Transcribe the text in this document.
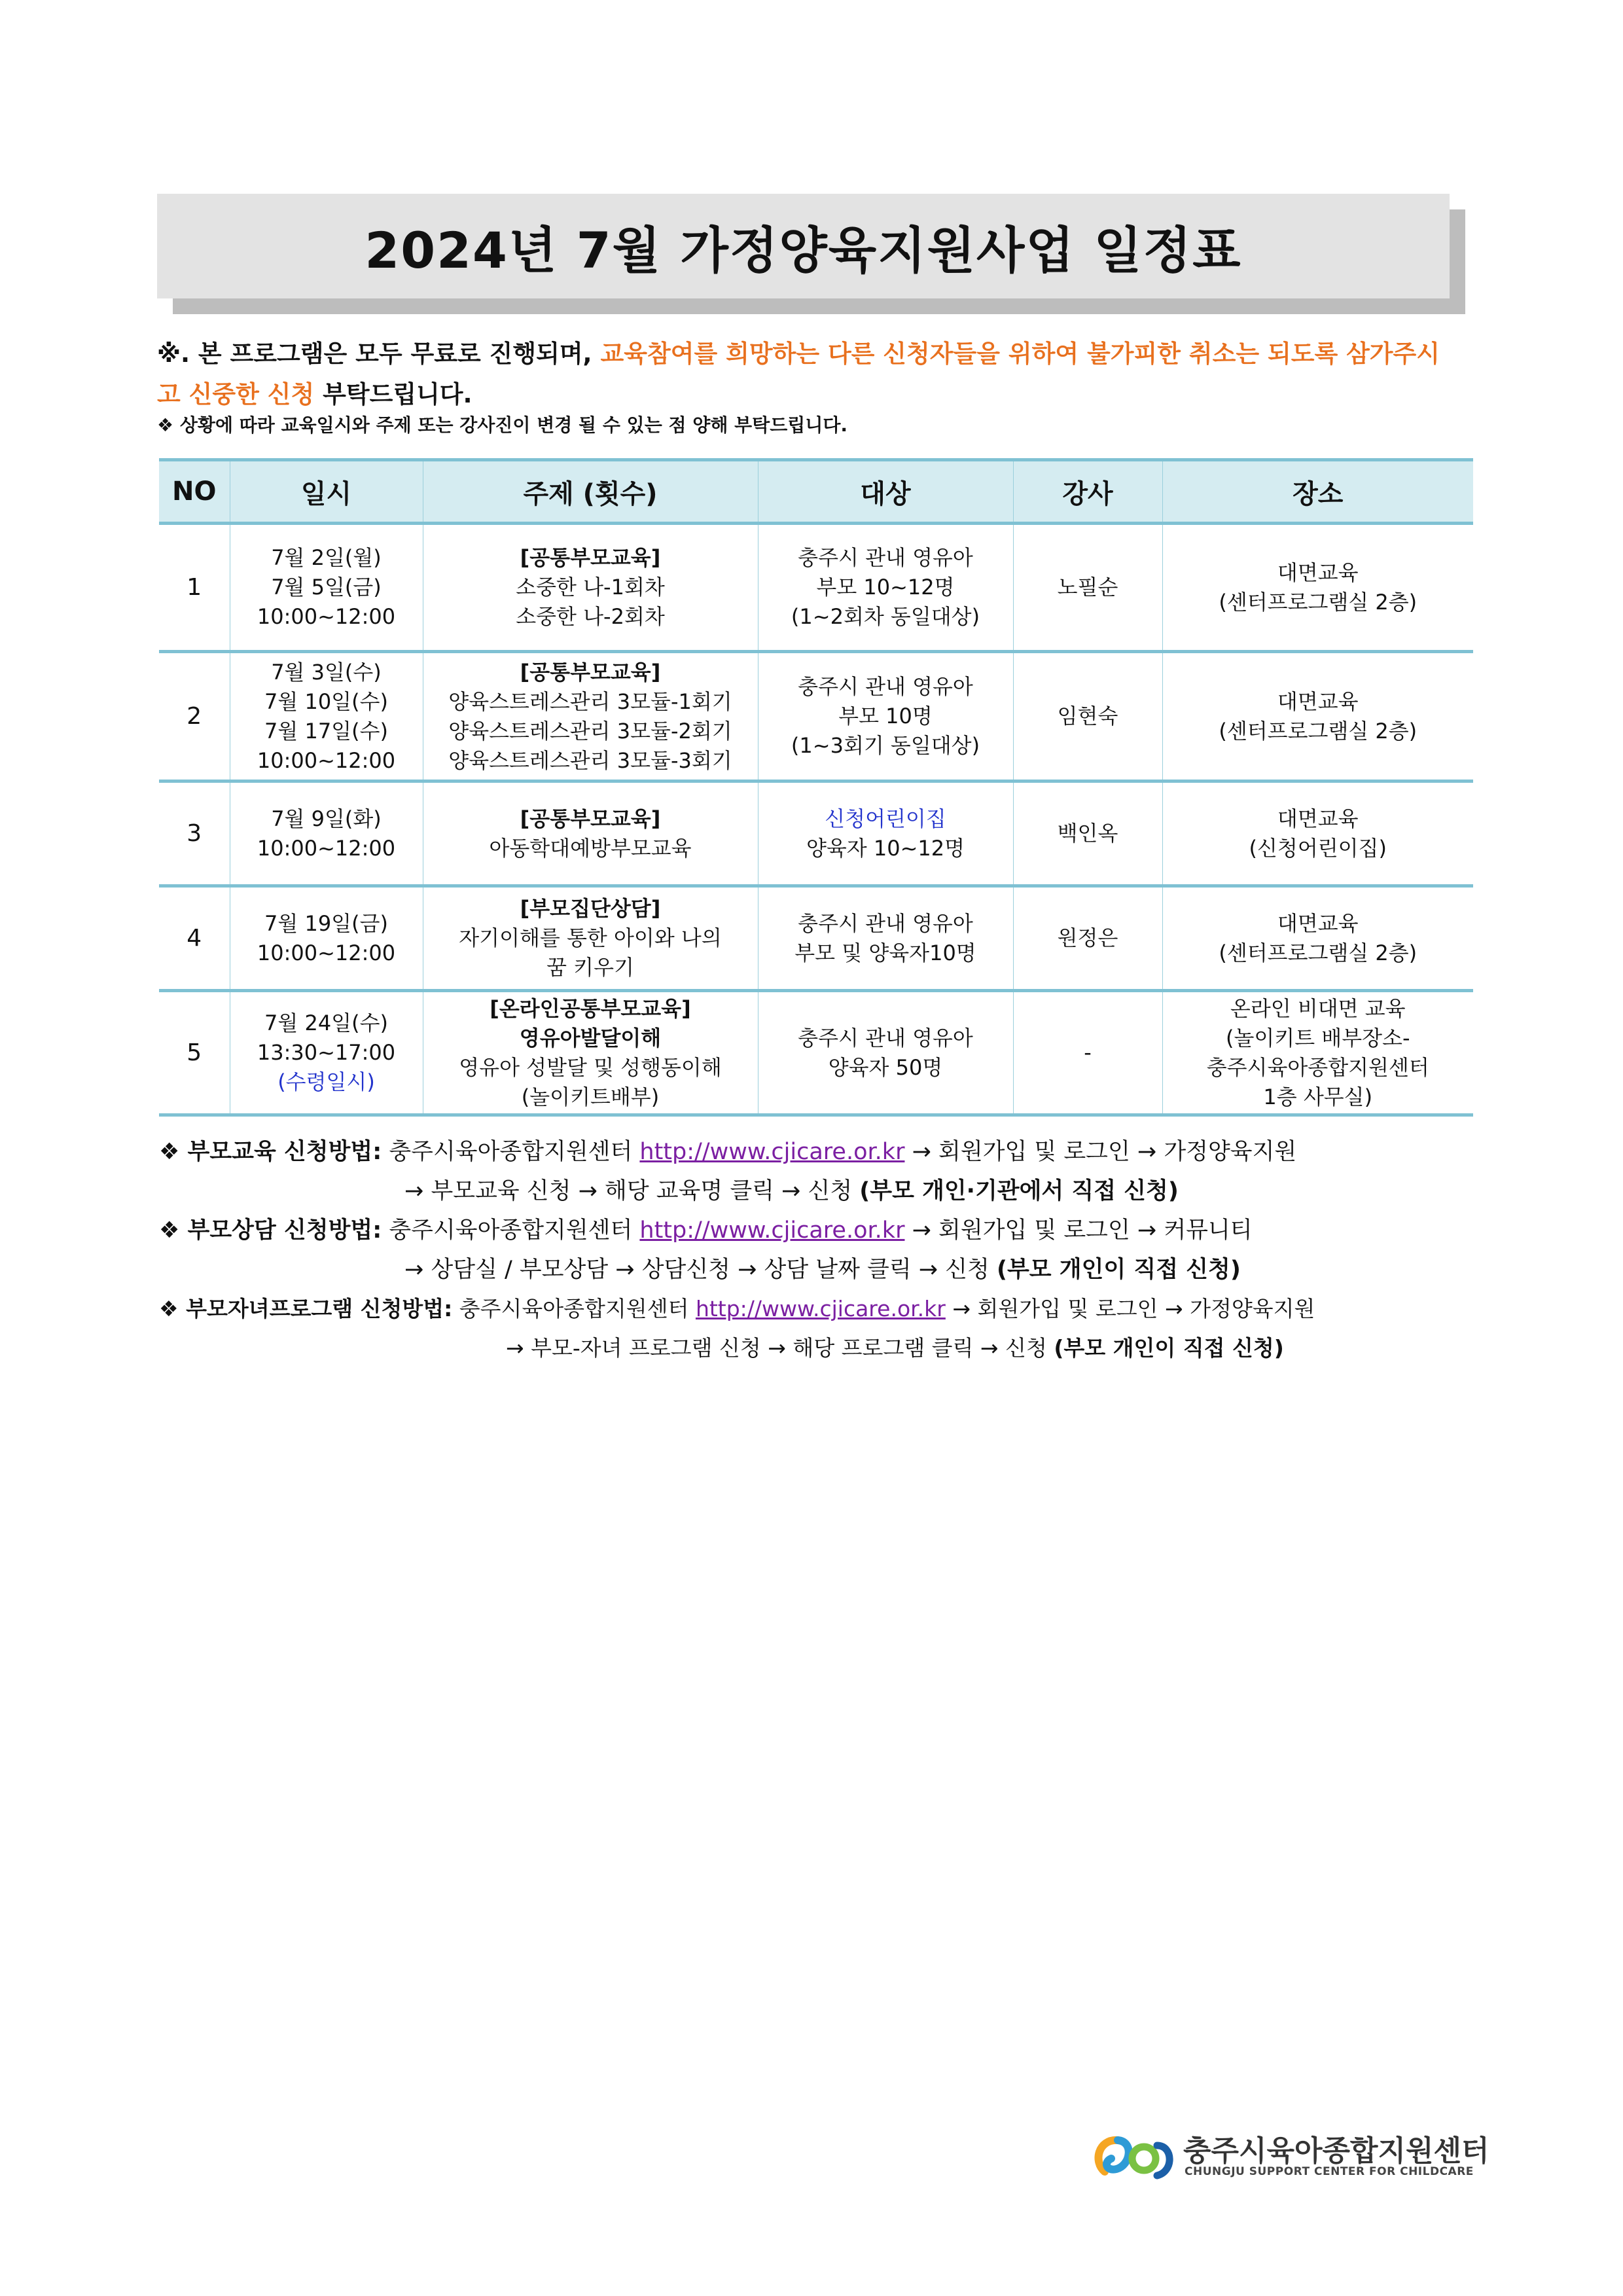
2024년 7월 가정양육지원사업 일정표
※. 본 프로그램은 모두 무료로 진행되며, 교육참여를 희망하는 다른 신청자들을 위하여 불가피한 취소는 되도록 삼가주시고 신중한 신청 부탁드립니다.
❖ 상황에 따라 교육일시와 주제 또는 강사진이 변경 될 수 있는 점 양해 부탁드립니다.
NO	일시	주제 (횟수)	대상	강사	장소
1	7월 2일(월)
7월 5일(금)
10:00~12:00	[공통부모교육]
소중한 나-1회차
소중한 나-2회차	충주시 관내 영유아
부모 10~12명
(1~2회차 동일대상)	노필순	대면교육
(센터프로그램실 2층)

2	7월 3일(수)
7월 10일(수)
7월 17일(수)
10:00~12:00	[공통부모교육]
양육스트레스관리 3모듈-1회기
양육스트레스관리 3모듈-2회기
양육스트레스관리 3모듈-3회기	충주시 관내 영유아
부모 10명
(1~3회기 동일대상)	임현숙	대면교육
(센터프로그램실 2층)

3	7월 9일(화)
10:00~12:00	[공통부모교육]
아동학대예방부모교육	신청어린이집
양육자 10~12명	백인옥	대면교육
(신청어린이집)

4	7월 19일(금)
10:00~12:00	[부모집단상담]
자기이해를 통한 아이와 나의
꿈 키우기	충주시 관내 영유아
부모 및 양육자10명	원정은	대면교육
(센터프로그램실 2층)

5	7월 24일(수)
13:30~17:00
(수령일시)	[온라인공통부모교육]
영유아발달이해
영유아 성발달 및 성행동이해
(놀이키트배부)	충주시 관내 영유아
양육자 50명	-	온라인 비대면 교육
(놀이키트 배부장소-
충주시육아종합지원센터
1층 사무실)
❖ 부모교육 신청방법: 충주시육아종합지원센터 http://www.cjicare.or.kr → 회원가입 및 로그인 → 가정양육지원
→ 부모교육 신청 → 해당 교육명 클릭 → 신청 (부모 개인·기관에서 직접 신청)
❖ 부모상담 신청방법: 충주시육아종합지원센터 http://www.cjicare.or.kr → 회원가입 및 로그인 → 커뮤니티
→ 상담실 / 부모상담 → 상담신청 → 상담 날짜 클릭 → 신청 (부모 개인이 직접 신청)
❖ 부모자녀프로그램 신청방법: 충주시육아종합지원센터 http://www.cjicare.or.kr → 회원가입 및 로그인 → 가정양육지원
→ 부모-자녀 프로그램 신청 → 해당 프로그램 클릭 → 신청 (부모 개인이 직접 신청)
충주시육아종합지원센터
CHUNGJU SUPPORT CENTER FOR CHILDCARE
